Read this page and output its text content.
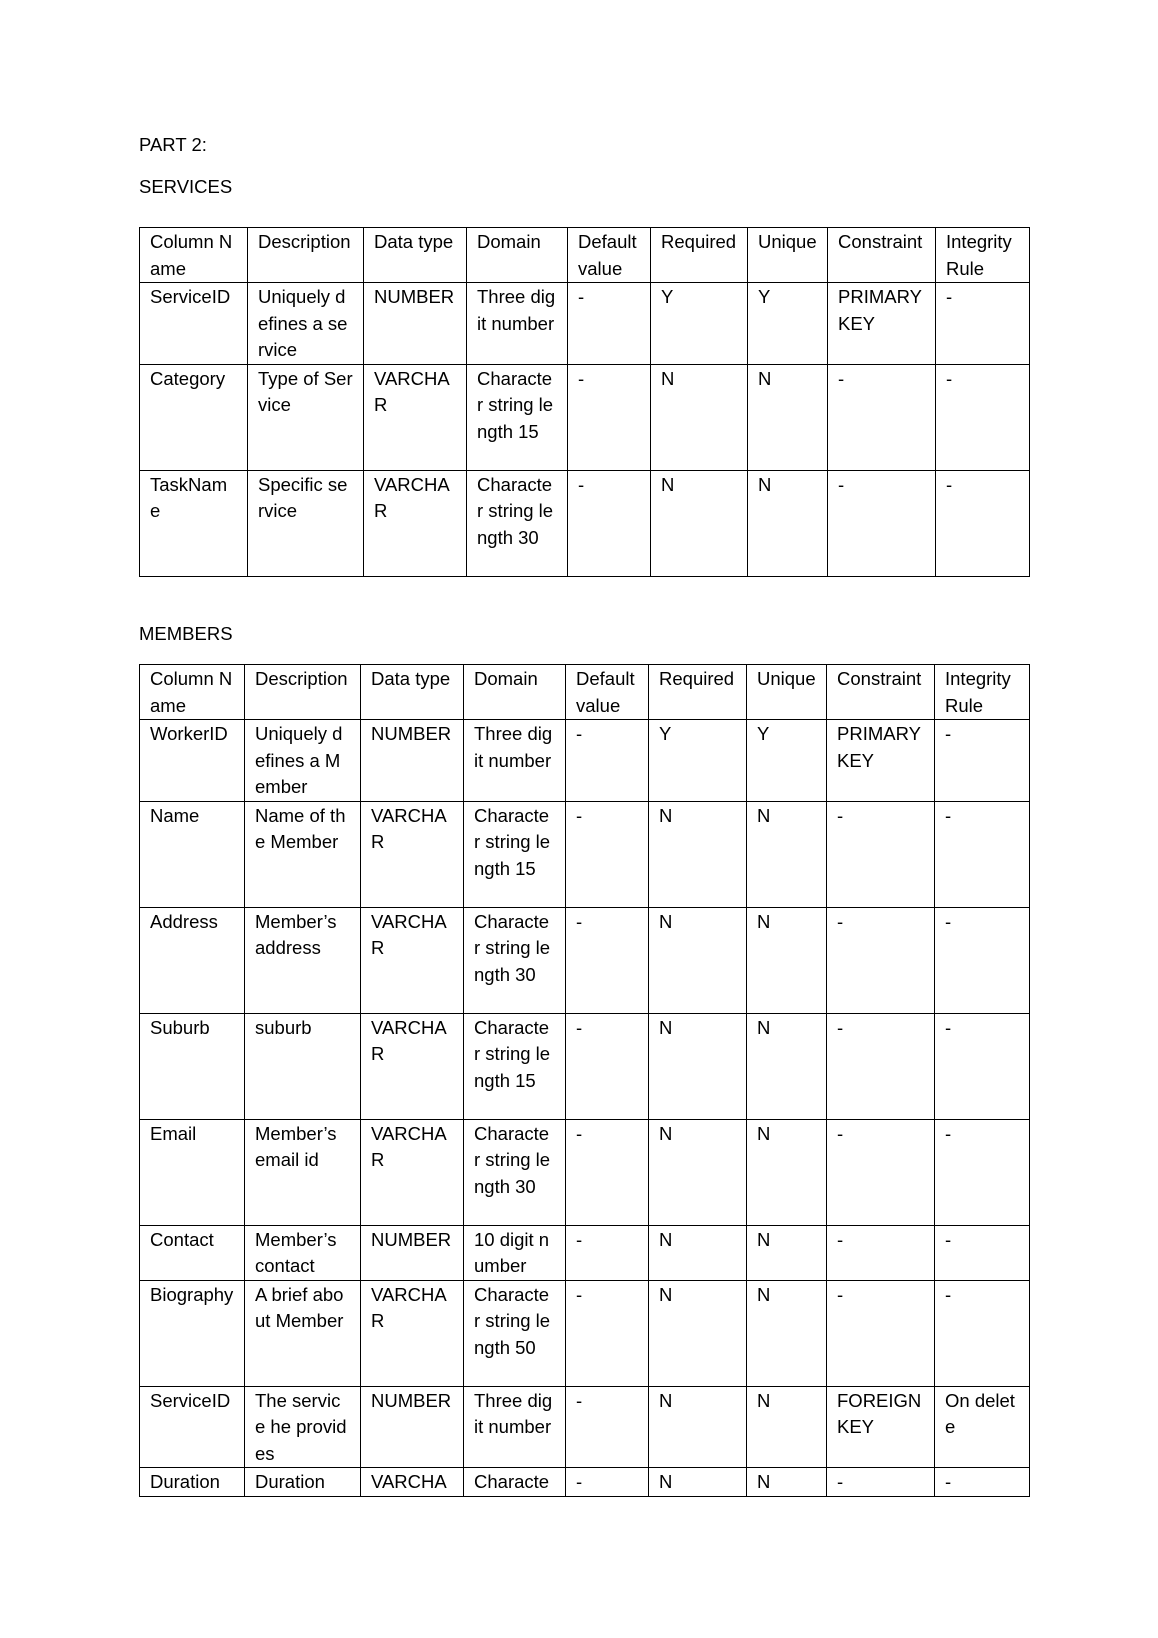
PART 2:

SERVICES

Column Name	Description	Data type	Domain	Default value	Required	Unique	Constraint	Integrity Rule
ServiceID	Uniquely defines a service	NUMBER	Three digit number	-	Y	Y	PRIMARY KEY	-
Category	Type of Service	VARCHAR	Character string length 15	-	N	N	-	-
TaskName	Specific service	VARCHAR	Character string length 30	-	N	N	-	-

MEMBERS

Column Name	Description	Data type	Domain	Default value	Required	Unique	Constraint	Integrity Rule
WorkerID	Uniquely defines a Member	NUMBER	Three digit number	-	Y	Y	PRIMARY KEY	-
Name	Name of the Member	VARCHAR	Character string length 15	-	N	N	-	-
Address	Member’s address	VARCHAR	Character string length 30	-	N	N	-	-
Suburb	suburb	VARCHAR	Character string length 15	-	N	N	-	-
Email	Member’s email id	VARCHAR	Character string length 30	-	N	N	-	-
Contact	Member’s contact	NUMBER	10 digit number	-	N	N	-	-
Biography	A brief about Member	VARCHAR	Character string length 50	-	N	N	-	-
ServiceID	The service he provides	NUMBER	Three digit number	-	N	N	FOREIGN KEY	On delete
Duration	Duration	VARCHA	Characte	-	N	N	-	-
